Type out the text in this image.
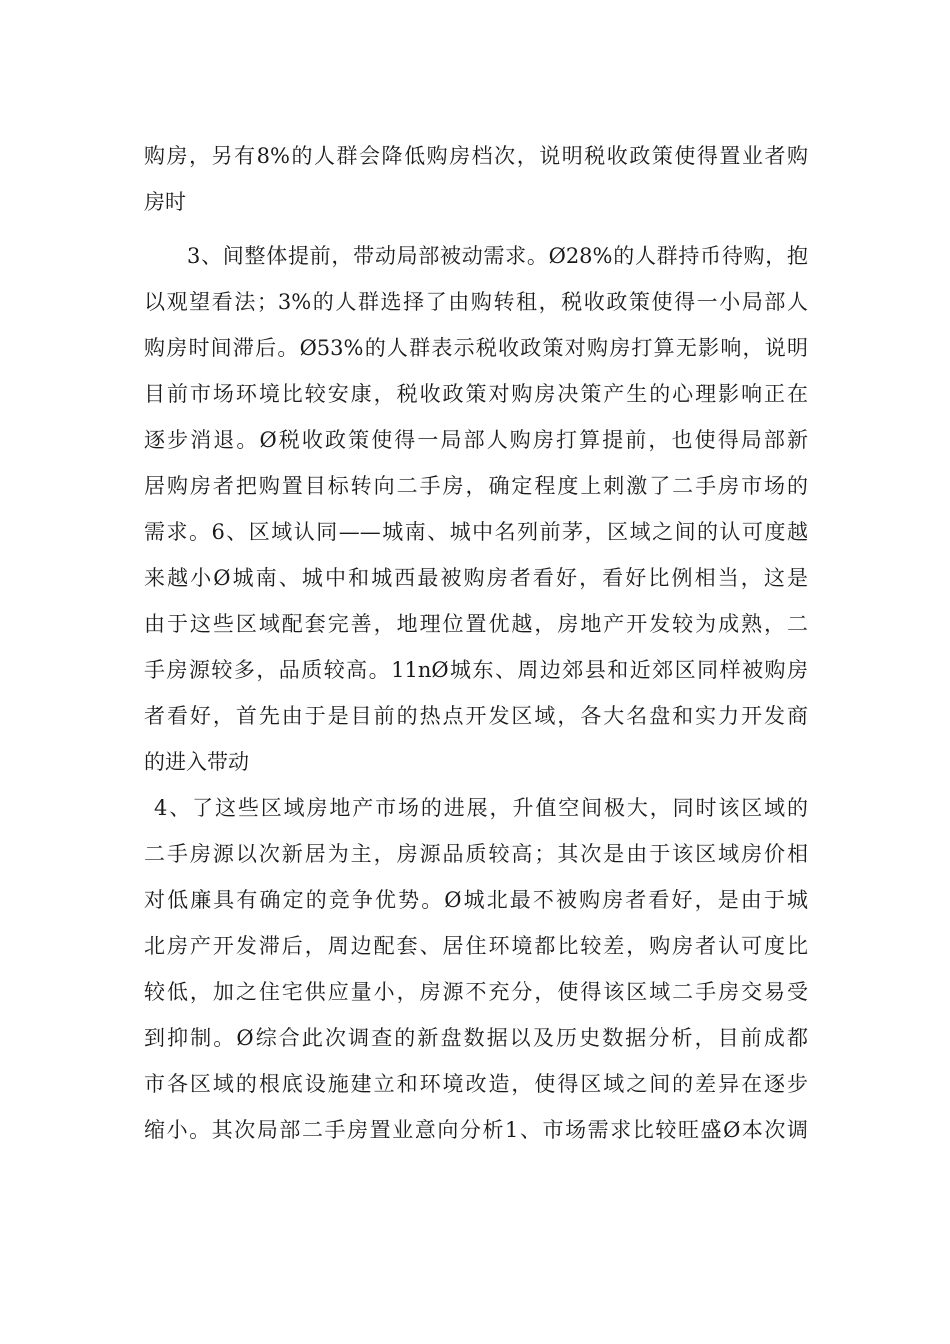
购房，另有8%的人群会降低购房档次，说明税收政策使得置业者购
房时
3、间整体提前，带动局部被动需求。Ø28%的人群持币待购，抱
以观望看法；3%的人群选择了由购转租，税收政策使得一小局部人
购房时间滞后。Ø53%的人群表示税收政策对购房打算无影响，说明
目前市场环境比较安康，税收政策对购房决策产生的心理影响正在
逐步消退。Ø税收政策使得一局部人购房打算提前，也使得局部新
居购房者把购置目标转向二手房，确定程度上刺激了二手房市场的
需求。6、区域认同——城南、城中名列前茅，区域之间的认可度越
来越小Ø城南、城中和城西最被购房者看好，看好比例相当，这是
由于这些区域配套完善，地理位置优越，房地产开发较为成熟，二
手房源较多，品质较高。11nØ城东、周边郊县和近郊区同样被购房
者看好，首先由于是目前的热点开发区域，各大名盘和实力开发商
的进入带动
4、了这些区域房地产市场的进展，升值空间极大，同时该区域的
二手房源以次新居为主，房源品质较高；其次是由于该区域房价相
对低廉具有确定的竞争优势。Ø城北最不被购房者看好，是由于城
北房产开发滞后，周边配套、居住环境都比较差，购房者认可度比
较低，加之住宅供应量小，房源不充分，使得该区域二手房交易受
到抑制。Ø综合此次调查的新盘数据以及历史数据分析，目前成都
市各区域的根底设施建立和环境改造，使得区域之间的差异在逐步
缩小。其次局部二手房置业意向分析1、市场需求比较旺盛Ø本次调
